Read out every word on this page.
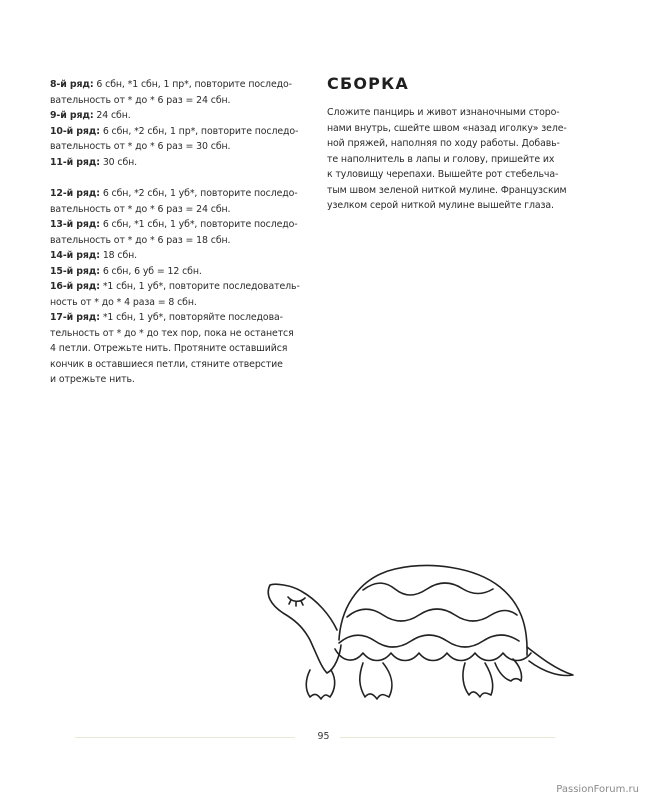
8-й ряд: 6 сбн, *1 сбн, 1 пр*, повторите последо-

вательность от * до * 6 раз = 24 сбн.

9-й ряд: 24 сбн.

10-й ряд: 6 сбн, *2 сбн, 1 пр*, повторите последо-

вательность от * до * 6 раз = 30 сбн.

11-й ряд: 30 сбн.

12-й ряд: 6 сбн, *2 сбн, 1 уб*, повторите последо-

вательность от * до * 6 раз = 24 сбн.

13-й ряд: 6 сбн, *1 сбн, 1 уб*, повторите последо-

вательность от * до * 6 раз = 18 сбн.

14-й ряд: 18 сбн.

15-й ряд: 6 сбн, 6 уб = 12 сбн.

16-й ряд: *1 сбн, 1 уб*, повторите последователь-

ность от * до * 4 раза = 8 сбн.

17-й ряд: *1 сбн, 1 уб*, повторяйте последова-

тельность от * до * до тех пор, пока не останется

4 петли. Отрежьте нить. Протяните оставшийся

кончик в оставшиеся петли, стяните отверстие

и отрежьте нить.

СБОРКА
Сложите панцирь и живот изнаночными сторо-
нами внутрь, сшейте швом «назад иголку» зеле-
ной пряжей, наполняя по ходу работы. Добавь-
те наполнитель в лапы и голову, пришейте их
к туловищу черепахи. Вышейте рот стебельча-
тым швом зеленой ниткой мулине. Французским
узелком серой ниткой мулине вышейте глаза.
95
PassionForum.ru
